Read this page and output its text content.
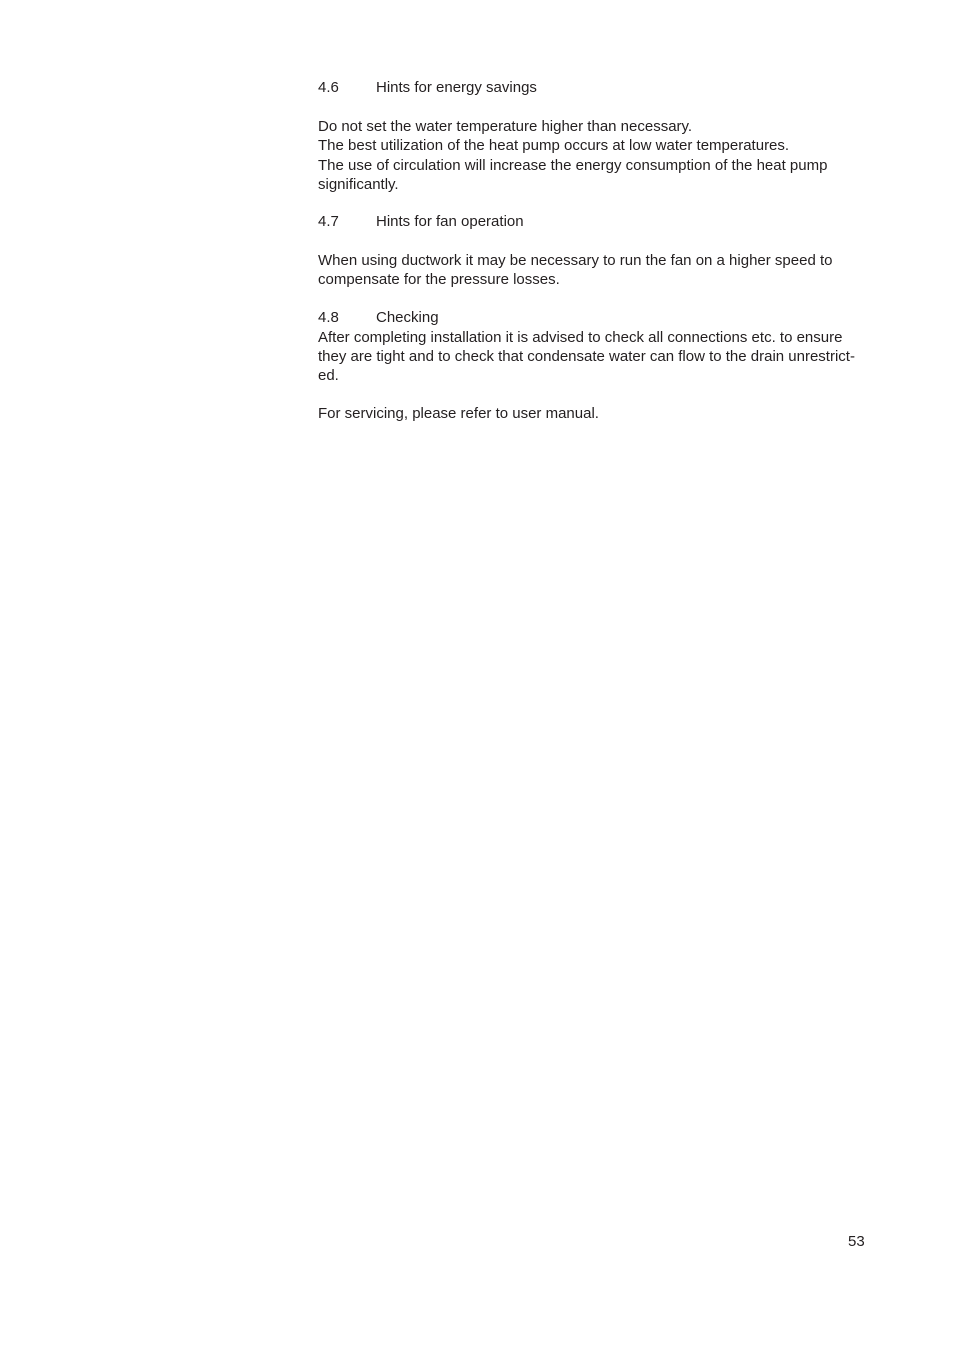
4.6	Hints for energy savings

Do not set the water temperature higher than necessary.
The best utilization of the heat pump occurs at low water temperatures.
The use of circulation will increase the energy consumption of the heat pump
significantly.

4.7	Hints for fan operation

When using ductwork it may be necessary to run the fan on a higher speed to
compensate for the pressure losses.

4.8	Checking

After completing installation it is advised to check all connections etc. to ensure
they are tight and to check that condensate water can flow to the drain unrestrict-
ed.

For servicing, please refer to user manual.

53
